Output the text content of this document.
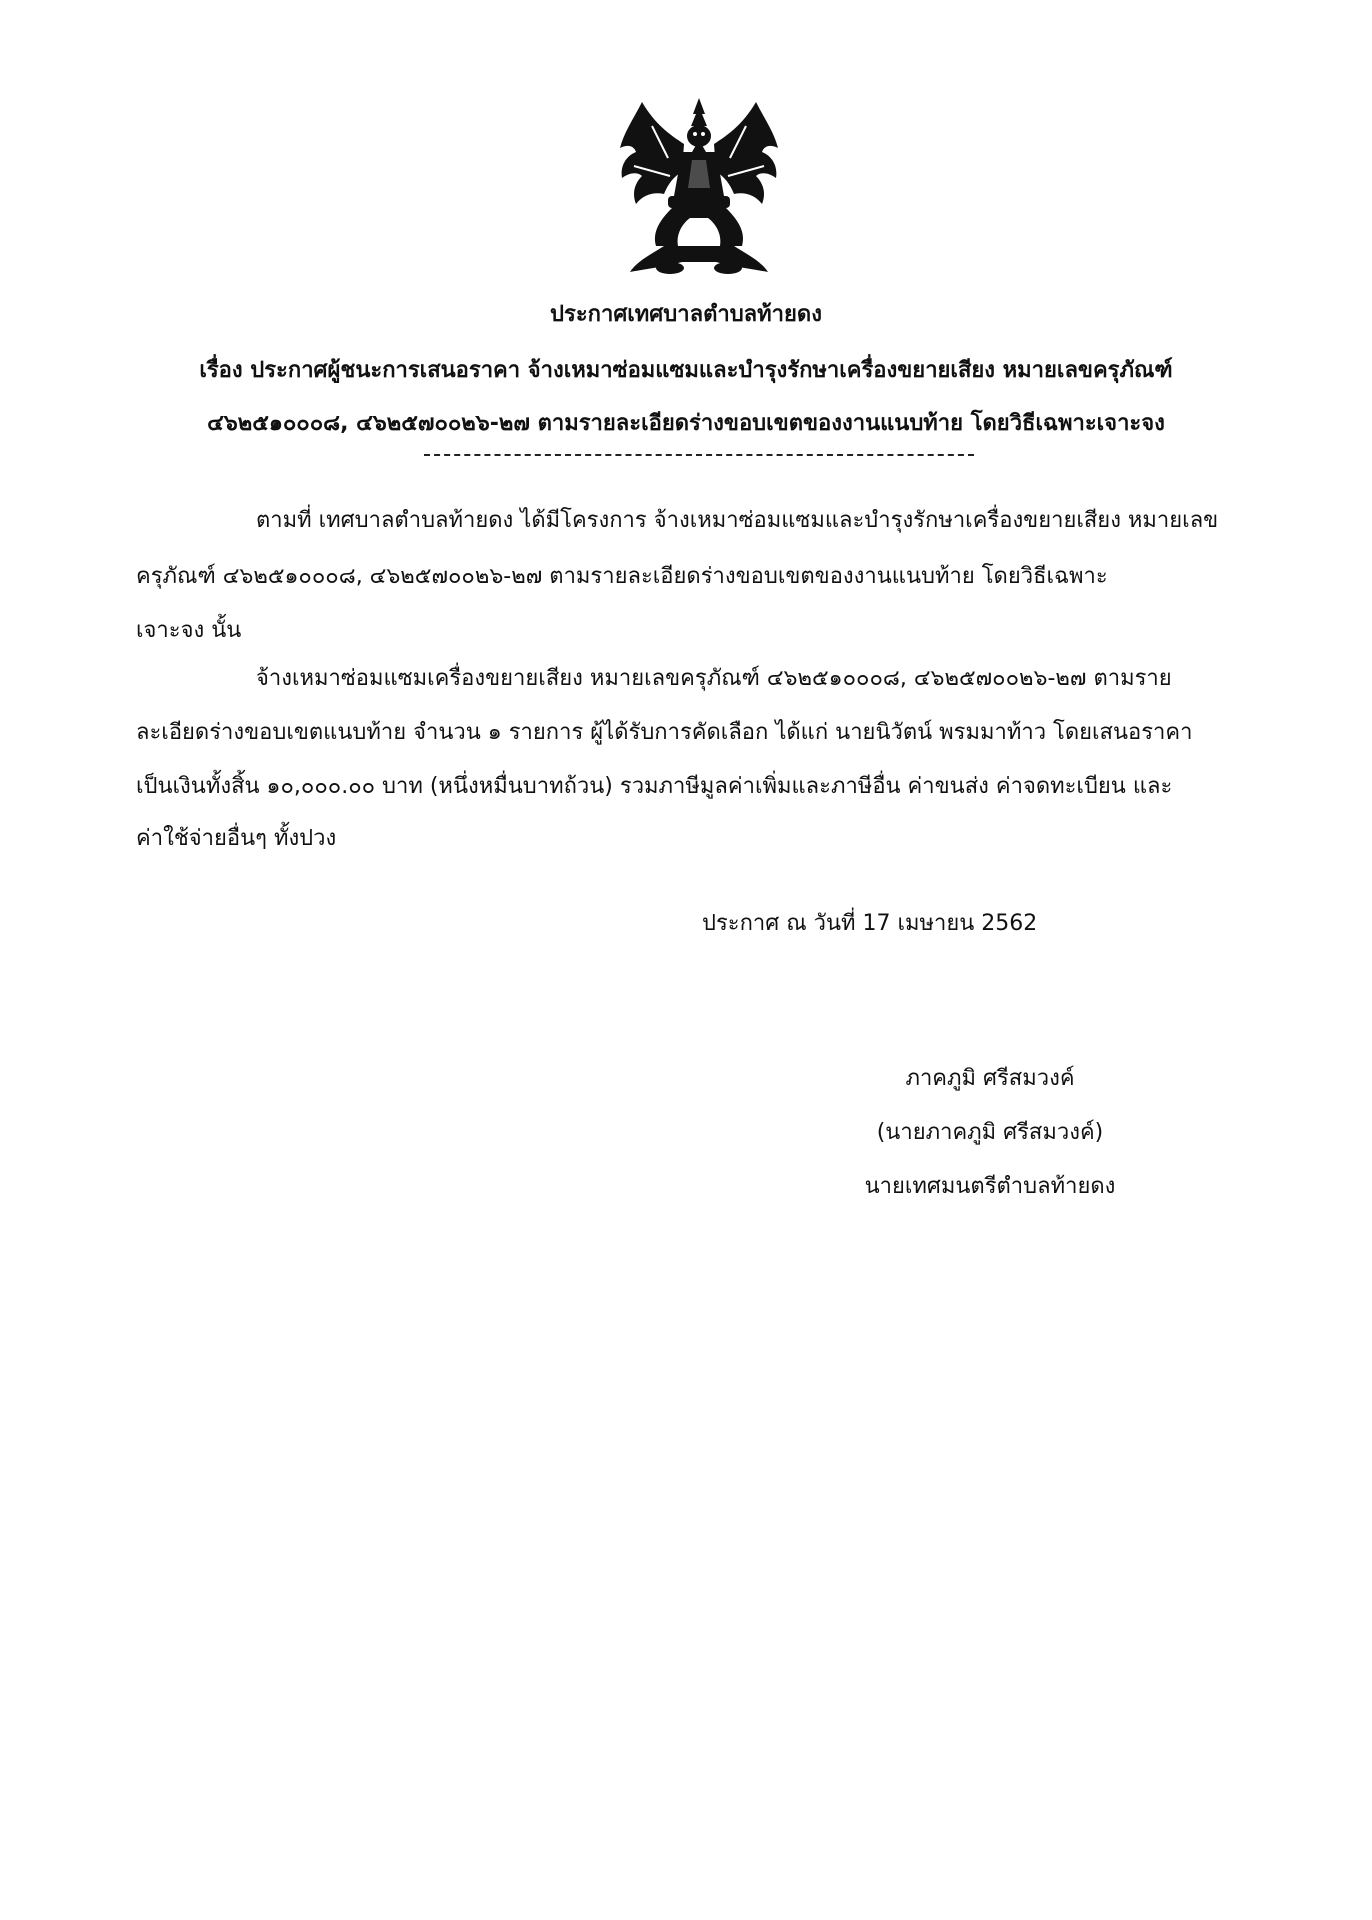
ประกาศเทศบาลตำบลท้ายดง
เรื่อง ประกาศผู้ชนะการเสนอราคา จ้างเหมาซ่อมแซมและบำรุงรักษาเครื่องขยายเสียง หมายเลขครุภัณฑ์
๔๖๒๕๑๐๐๐๘, ๔๖๒๕๗๐๐๒๖-๒๗ ตามรายละเอียดร่างขอบเขตของงานแนบท้าย โดยวิธีเฉพาะเจาะจง
ตามที่ เทศบาลตำบลท้ายดง ได้มีโครงการ จ้างเหมาซ่อมแซมและบำรุงรักษาเครื่องขยายเสียง หมายเลข
ครุภัณฑ์ ๔๖๒๕๑๐๐๐๘, ๔๖๒๕๗๐๐๒๖-๒๗ ตามรายละเอียดร่างขอบเขตของงานแนบท้าย โดยวิธีเฉพาะ
เจาะจง นั้น
จ้างเหมาซ่อมแซมเครื่องขยายเสียง หมายเลขครุภัณฑ์ ๔๖๒๕๑๐๐๐๘, ๔๖๒๕๗๐๐๒๖-๒๗ ตามราย
ละเอียดร่างขอบเขตแนบท้าย จำนวน ๑ รายการ ผู้ได้รับการคัดเลือก ได้แก่ นายนิวัตน์ พรมมาท้าว โดยเสนอราคา
เป็นเงินทั้งสิ้น ๑๐,๐๐๐.๐๐ บาท (หนึ่งหมื่นบาทถ้วน) รวมภาษีมูลค่าเพิ่มและภาษีอื่น ค่าขนส่ง ค่าจดทะเบียน และ
ค่าใช้จ่ายอื่นๆ ทั้งปวง
ประกาศ ณ วันที่ 17 เมษายน 2562
ภาคภูมิ ศรีสมวงค์
(นายภาคภูมิ ศรีสมวงค์)
นายเทศมนตรีตำบลท้ายดง
